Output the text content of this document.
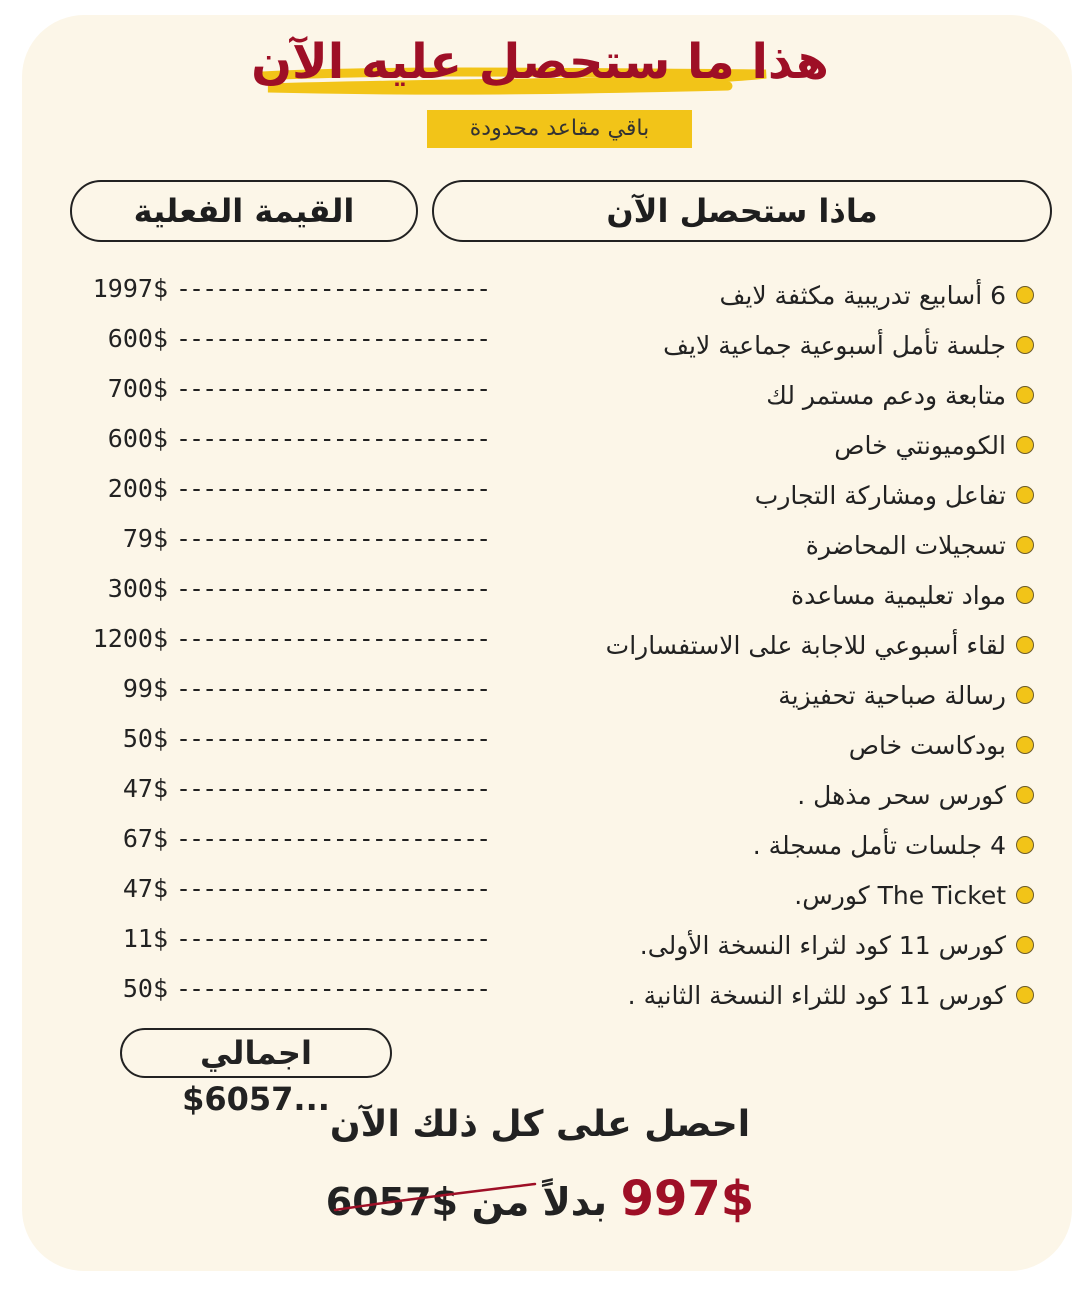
هذا ما ستحصل عليه الآن
باقي مقاعد محدودة
ماذا ستحصل الآن
القيمة الفعلية
6 أسابيع تدريبية مكثفة لايف
جلسة تأمل أسبوعية جماعية لايف
متابعة ودعم مستمر لك
الكوميونتي خاص
تفاعل ومشاركة التجارب
تسجيلات المحاضرة
مواد تعليمية مساعدة
لقاء أسبوعي للاجابة على الاستفسارات
رسالة صباحية تحفيزية
بودكاست خاص
كورس سحر مذهل .
4 جلسات تأمل مسجلة .
The Ticket كورس.
كورس 11 كود لثراء النسخة الأولى.
كورس 11 كود للثراء النسخة الثانية .
1997$ ------------------------
600$ ------------------------
700$ ------------------------
600$ ------------------------
200$ ------------------------
79$ ------------------------
300$ ------------------------
1200$ ------------------------
99$ ------------------------
50$ ------------------------
47$ ------------------------
67$ ------------------------
47$ ------------------------
11$ ------------------------
50$ ------------------------
اجمالي ...6057$
احصل على كل ذلك الآن
997$ بدلاً من 6057$
